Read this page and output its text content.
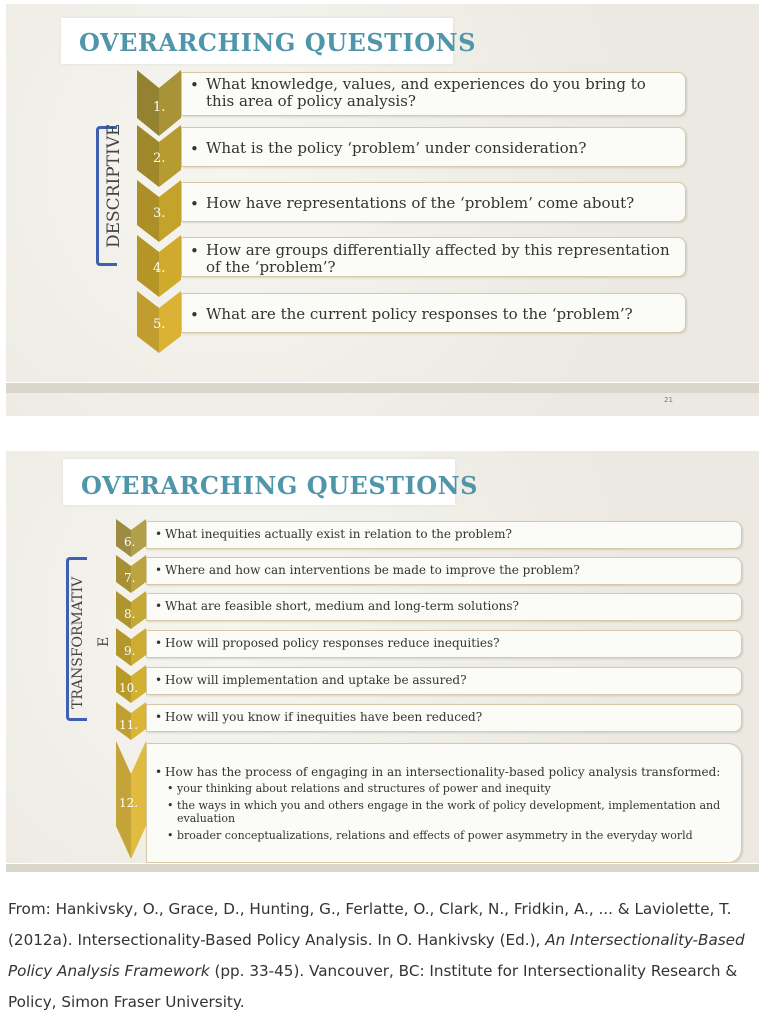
OVERARCHING QUESTIONS
DESCRIPTIVE
1.
• What knowledge, values, and experiences do you bring to this area of policy analysis?
2.
• What is the policy ‘problem’ under consideration?
3.
• How have representations of the ‘problem’ come about?
4.
• How are groups differentially affected by this representation of the ‘problem’?
5.
• What are the current policy responses to the ‘problem’?
21
OVERARCHING QUESTIONS
TRANSFORMATIV E
6.
• What inequities actually exist in relation to the problem?
7.
• Where and how can interventions be made to improve the problem?
8.
• What are feasible short, medium and long-term solutions?
9.
• How will proposed policy responses reduce inequities?
10.
• How will implementation and uptake be assured?
11.
• How will you know if inequities have been reduced?
12.
• How has the process of engaging in an intersectionality-based policy analysis transformed:
• your thinking about relations and structures of power and inequity
• the ways in which you and others engage in the work of policy development, implementation and evaluation
• broader conceptualizations, relations and effects of power asymmetry in the everyday world
From: Hankivsky, O., Grace, D., Hunting, G., Ferlatte, O., Clark, N., Fridkin, A., ... & Laviolette, T. (2012a). Intersectionality-Based Policy Analysis. In O. Hankivsky (Ed.), An Intersectionality-Based Policy Analysis Framework (pp. 33-45). Vancouver, BC: Institute for Intersectionality Research & Policy, Simon Fraser University.
